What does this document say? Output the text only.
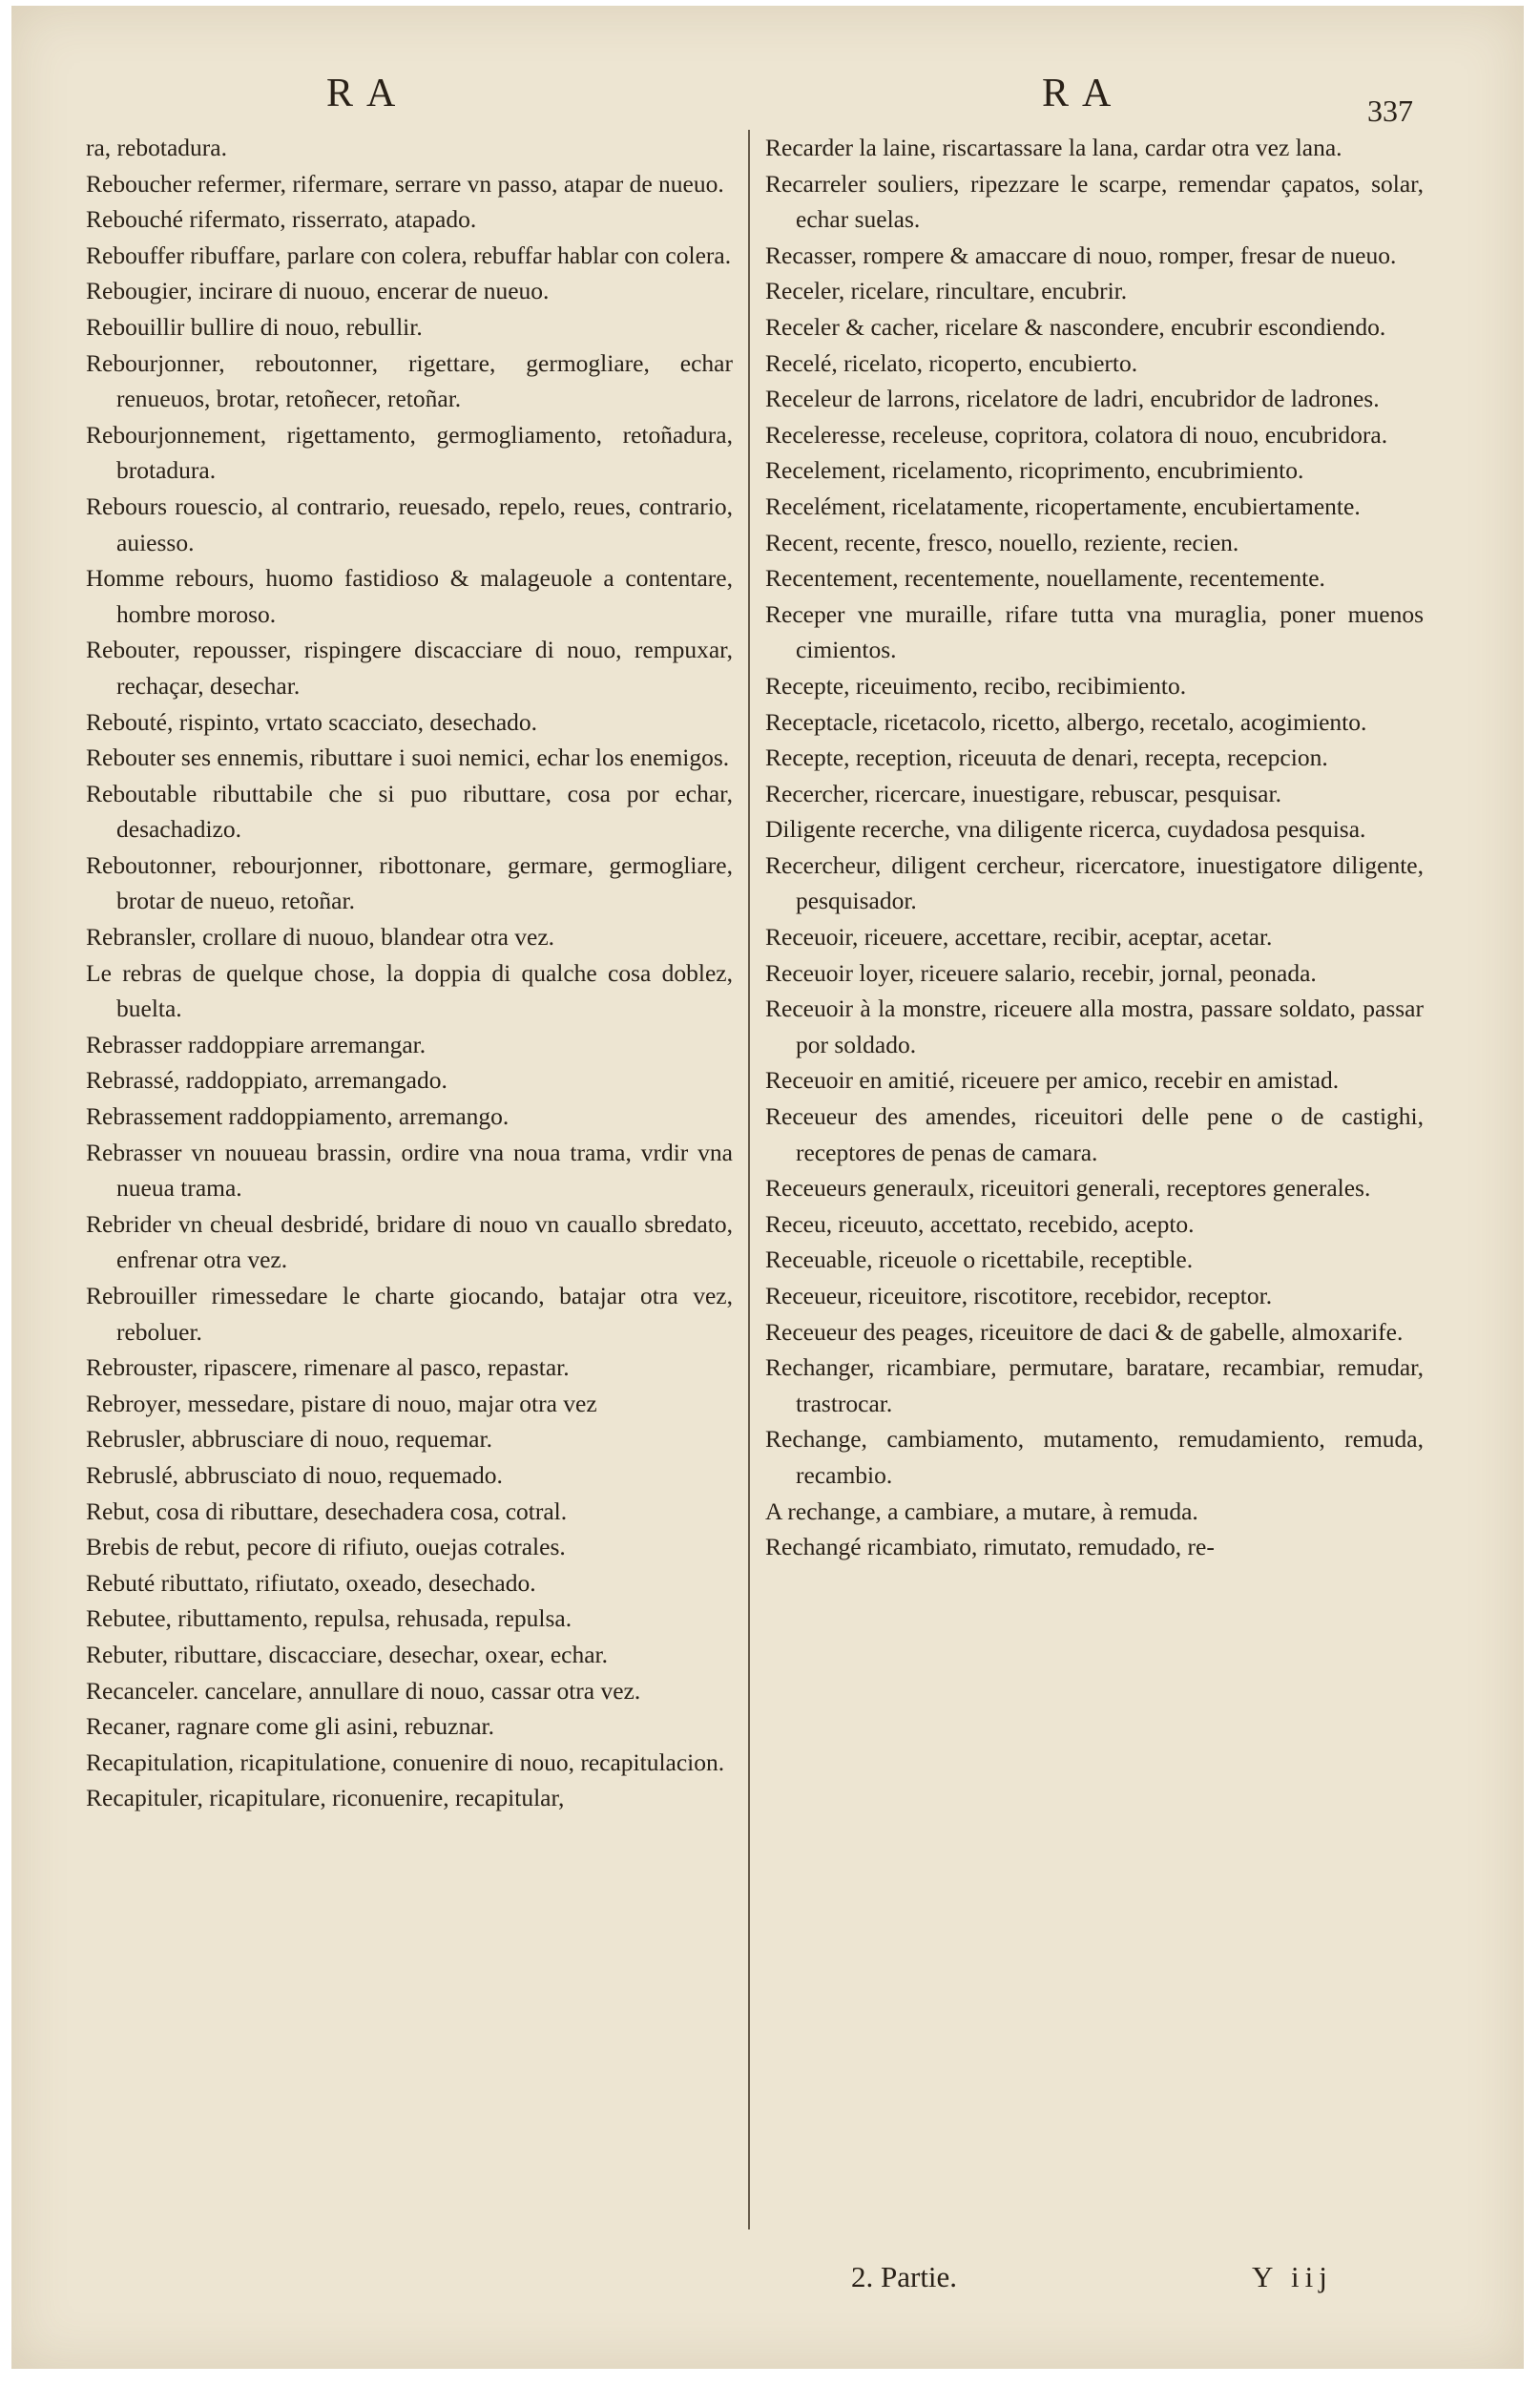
RA	RA	337

ra, rebotadura.

Reboucher refermer, rifermare, serrare vn passo, atapar de nueuo.

Rebouché rifermato, risserrato, atapado.

Rebouffer ribuffare, parlare con colera, rebuffar hablar con colera.

Rebougier, incirare di nuouo, encerar de nueuo.

Rebouillir bullire di nouo, rebullir.

Rebourjonner, reboutonner, rigettare, germogliare, echar renueuos, brotar, retoñecer, retoñar.

Rebourjonnement, rigettamento, germogliamento, retoñadura, brotadura.

Rebours rouescio, al contrario, reuesado, repelo, reues, contrario, auiesso.

Homme rebours, huomo fastidioso & malageuole a contentare, hombre moroso.

Rebouter, repousser, rispingere discacciare di nouo, rempuxar, rechaçar, desechar.

Rebouté, rispinto, vrtato scacciato, desechado.

Rebouter ses ennemis, ributtare i suoi nemici, echar los enemigos.

Reboutable ributtabile che si puo ributtare, cosa por echar, desachadizo.

Reboutonner, rebourjonner, ribottonare, germare, germogliare, brotar de nueuo, retoñar.

Rebransler, crollare di nuouo, blandear otra vez.

Le rebras de quelque chose, la doppia di qualche cosa doblez, buelta.

Rebrasser raddoppiare arremangar.

Rebrassé, raddoppiato, arremangado.

Rebrassement raddoppiamento, arremango.

Rebrasser vn nouueau brassin, ordire vna noua trama, vrdir vna nueua trama.

Rebrider vn cheual desbridé, bridare di nouo vn cauallo sbredato, enfrenar otra vez.

Rebrouiller rimessedare le charte giocando, batajar otra vez, reboluer.

Rebrouster, ripascere, rimenare al pasco, repastar.

Rebroyer, messedare, pistare di nouo, majar otra vez

Rebrusler, abbrusciare di nouo, requemar.

Rebruslé, abbrusciato di nouo, requemado.

Rebut, cosa di ributtare, desechadera cosa, cotral.

Brebis de rebut, pecore di rifiuto, ouejas cotrales.

Rebuté ributtato, rifiutato, oxeado, desechado.

Rebutee, ributtamento, repulsa, rehusada, repulsa.

Rebuter, ributtare, discacciare, desechar, oxear, echar.

Recanceler. cancelare, annullare di nouo, cassar otra vez.

Recaner, ragnare come gli asini, rebuznar.

Recapitulation, ricapitulatione, conuenire di nouo, recapitulacion.

Recapituler, ricapitulare, riconuenire, recapitular,

Recarder la laine, riscartassare la lana, cardar otra vez lana.

Recarreler souliers, ripezzare le scarpe, remendar çapatos, solar, echar suelas.

Recasser, rompere & amaccare di nouo, romper, fresar de nueuo.

Receler, ricelare, rincultare, encubrir.

Receler & cacher, ricelare & nascondere, encubrir escondiendo.

Recelé, ricelato, ricoperto, encubierto.

Receleur de larrons, ricelatore de ladri, encubridor de ladrones.

Receleresse, receleuse, copritora, colatora di nouo, encubridora.

Recelement, ricelamento, ricoprimento, encubrimiento.

Recelément, ricelatamente, ricopertamente, encubiertamente.

Recent, recente, fresco, nouello, reziente, recien.

Recentement, recentemente, nouellamente, recentemente.

Receper vne muraille, rifare tutta vna muraglia, poner muenos cimientos.

Recepte, riceuimento, recibo, recibimiento.

Receptacle, ricetacolo, ricetto, albergo, recetalo, acogimiento.

Recepte, reception, riceuuta de denari, recepta, recepcion.

Recercher, ricercare, inuestigare, rebuscar, pesquisar.

Diligente recerche, vna diligente ricerca, cuydadosa pesquisa.

Recercheur, diligent cercheur, ricercatore, inuestigatore diligente, pesquisador.

Receuoir, riceuere, accettare, recibir, aceptar, acetar.

Receuoir loyer, riceuere salario, recebir, jornal, peonada.

Receuoir à la monstre, riceuere alla mostra, passare soldato, passar por soldado.

Receuoir en amitié, riceuere per amico, recebir en amistad.

Receueur des amendes, riceuitori delle pene o de castighi, receptores de penas de camara.

Receueurs generaulx, riceuitori generali, receptores generales.

Receu, riceuuto, accettato, recebido, acepto.

Receuable, riceuole o ricettabile, receptible.

Receueur, riceuitore, riscotitore, recebidor, receptor.

Receueur des peages, riceuitore de daci & de gabelle, almoxarife.

Rechanger, ricambiare, permutare, baratare, recambiar, remudar, trastrocar.

Rechange, cambiamento, mutamento, remudamiento, remuda, recambio.

A rechange, a cambiare, a mutare, à remuda.

Rechangé ricambiato, rimutato, remudado, re-

2. Partie.	Y iij
